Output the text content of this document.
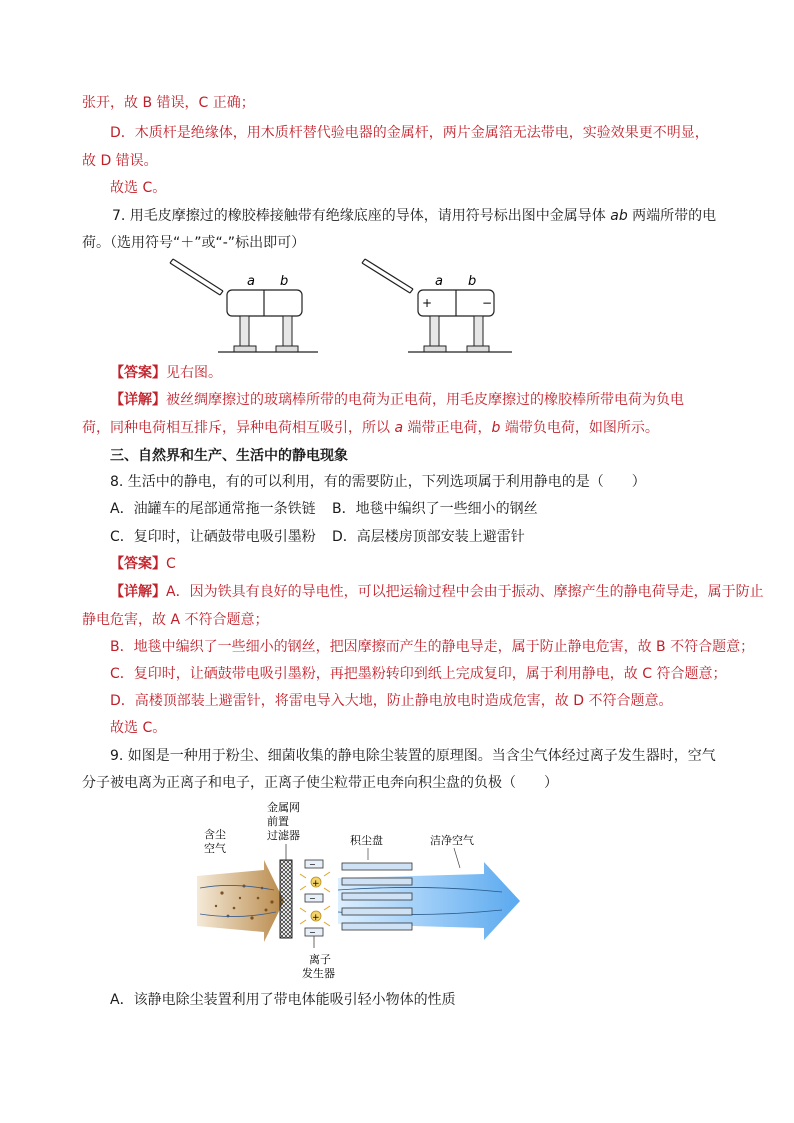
张开，故 B 错误，C 正确；
D．木质杆是绝缘体，用木质杆替代验电器的金属杆，两片金属箔无法带电，实验效果更不明显，
故 D 错误。
故选 C。
7. 用毛皮摩擦过的橡胶棒接触带有绝缘底座的导体，请用符号标出图中金属导体 ab 两端所带的电
荷。（选用符号“＋”或“-”标出即可）
a b	a b
+	−
【答案】见右图。
【详解】被丝绸摩擦过的玻璃棒所带的电荷为正电荷，用毛皮摩擦过的橡胶棒所带电荷为负电
荷，同种电荷相互排斥，异种电荷相互吸引，所以 a 端带正电荷，b 端带负电荷，如图所示。
三、自然界和生产、生活中的静电现象
8. 生活中的静电，有的可以利用，有的需要防止，下列选项属于利用静电的是（　　）
A．油罐车的尾部通常拖一条铁链 B．地毯中编织了一些细小的钢丝
C．复印时，让硒鼓带电吸引墨粉 D．高层楼房顶部安装上避雷针
【答案】C
【详解】A．因为铁具有良好的导电性，可以把运输过程中会由于振动、摩擦产生的静电荷导走，属于防止
静电危害，故 A 不符合题意；
B．地毯中编织了一些细小的钢丝，把因摩擦而产生的静电导走，属于防止静电危害，故 B 不符合题意；
C．复印时，让硒鼓带电吸引墨粉，再把墨粉转印到纸上完成复印，属于利用静电，故 C 符合题意；
D．高楼顶部装上避雷针，将雷电导入大地，防止静电放电时造成危害，故 D 不符合题意。
故选 C。
9. 如图是一种用于粉尘、细菌收集的静电除尘装置的原理图。当含尘气体经过离子发生器时，空气
分子被电离为正离子和电子，正离子使尘粒带正电奔向积尘盘的负极（　　）
金属网
前置
过滤器
含尘
空气
积尘盘	洁净空气
离子
发生器
−
−
−
+
+
A．该静电除尘装置利用了带电体能吸引轻小物体的性质
